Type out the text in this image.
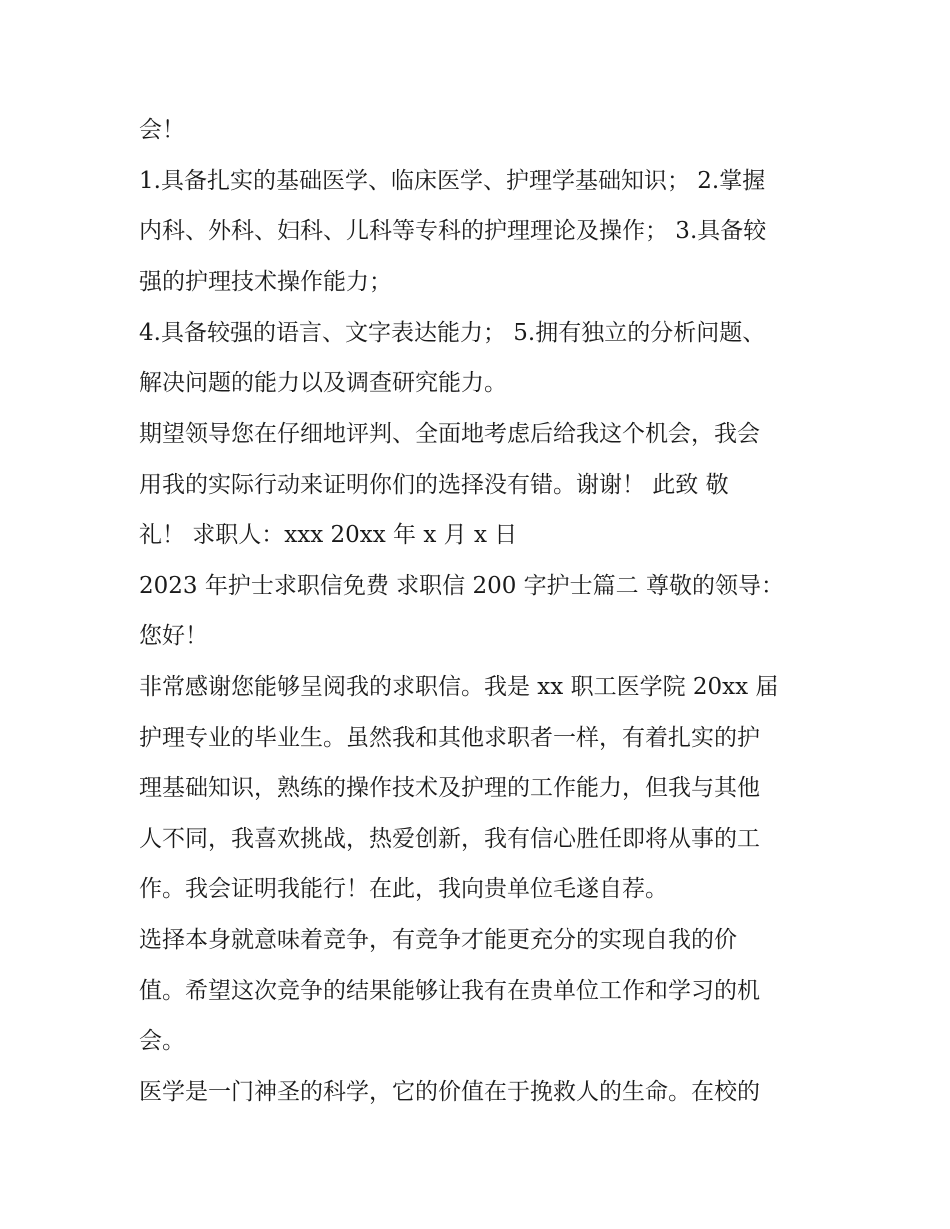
会！
1.具备扎实的基础医学、临床医学、护理学基础知识； 2.掌握
内科、外科、妇科、儿科等专科的护理理论及操作； 3.具备较
强的护理技术操作能力；
4.具备较强的语言、文字表达能力； 5.拥有独立的分析问题、
解决问题的能力以及调查研究能力。
期望领导您在仔细地评判、全面地考虑后给我这个机会，我会
用我的实际行动来证明你们的选择没有错。谢谢！ 此致 敬
礼！ 求职人：xxx 20xx 年 x 月 x 日
2023 年护士求职信免费 求职信 200 字护士篇二 尊敬的领导：
您好！
非常感谢您能够呈阅我的求职信。我是 xx 职工医学院 20xx 届
护理专业的毕业生。虽然我和其他求职者一样，有着扎实的护
理基础知识，熟练的操作技术及护理的工作能力，但我与其他
人不同，我喜欢挑战，热爱创新，我有信心胜任即将从事的工
作。我会证明我能行！在此，我向贵单位毛遂自荐。
选择本身就意味着竞争，有竞争才能更充分的实现自我的价
值。希望这次竞争的结果能够让我有在贵单位工作和学习的机
会。
医学是一门神圣的科学，它的价值在于挽救人的生命。在校的
